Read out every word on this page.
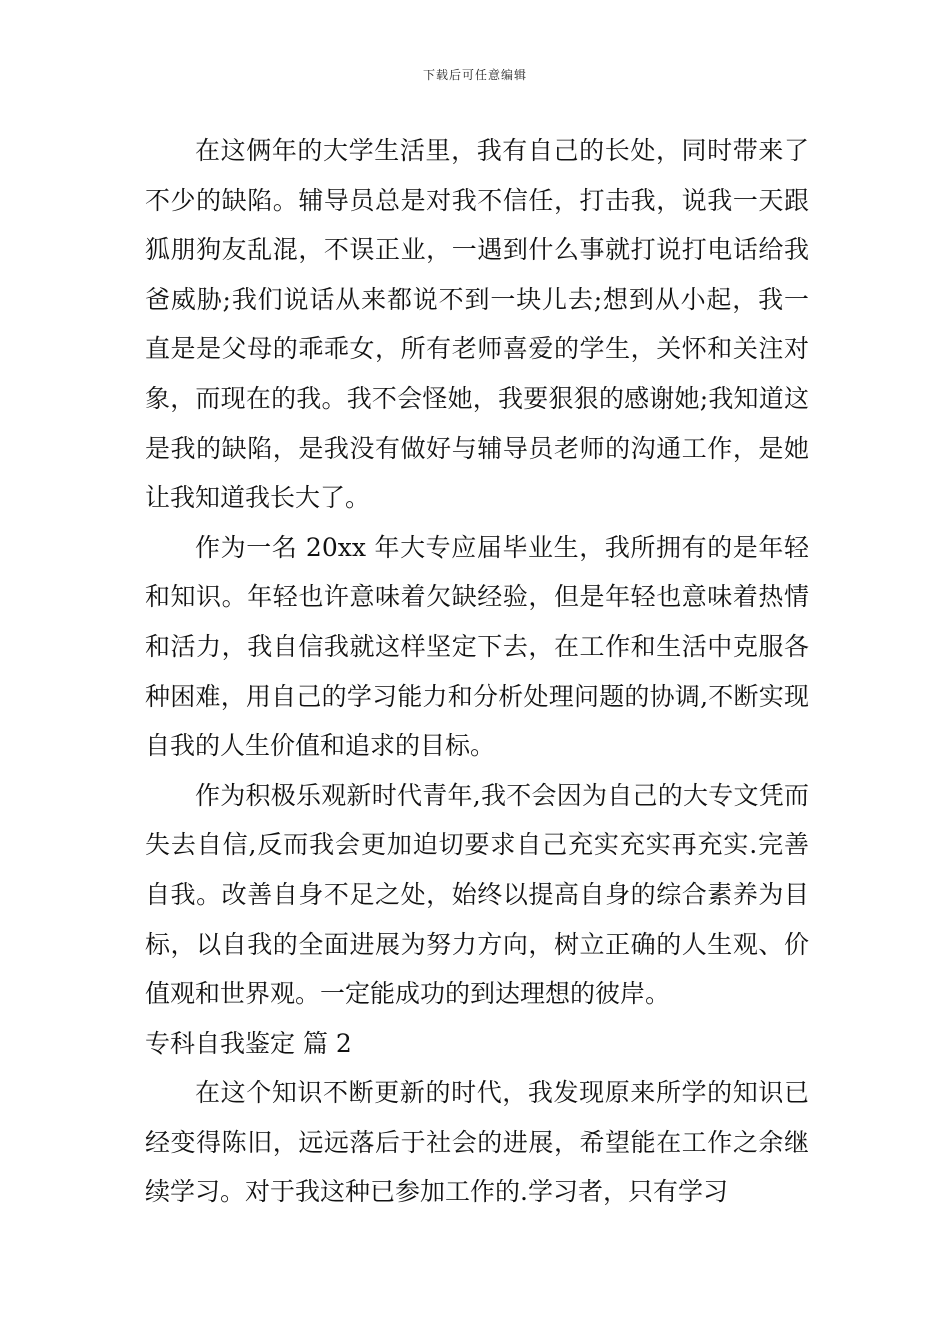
下载后可任意编辑

在这俩年的大学生活里，我有自己的长处，同时带来了不少的缺陷。辅导员总是对我不信任，打击我，说我一天跟狐朋狗友乱混，不误正业，一遇到什么事就打说打电话给我爸威胁;我们说话从来都说不到一块儿去;想到从小起，我一直是是父母的乖乖女，所有老师喜爱的学生，关怀和关注对象，而现在的我。我不会怪她，我要狠狠的感谢她;我知道这是我的缺陷，是我没有做好与辅导员老师的沟通工作，是她让我知道我长大了。

作为一名 20xx 年大专应届毕业生，我所拥有的是年轻和知识。年轻也许意味着欠缺经验，但是年轻也意味着热情和活力，我自信我就这样坚定下去，在工作和生活中克服各种困难，用自己的学习能力和分析处理问题的协调,不断实现自我的人生价值和追求的目标。

作为积极乐观新时代青年,我不会因为自己的大专文凭而失去自信,反而我会更加迫切要求自己充实充实再充实.完善自我。改善自身不足之处，始终以提高自身的综合素养为目标，以自我的全面进展为努力方向，树立正确的人生观、价值观和世界观。一定能成功的到达理想的彼岸。

专科自我鉴定 篇 2

在这个知识不断更新的时代，我发现原来所学的知识已经变得陈旧，远远落后于社会的进展，希望能在工作之余继续学习。对于我这种已参加工作的.学习者，只有学习
